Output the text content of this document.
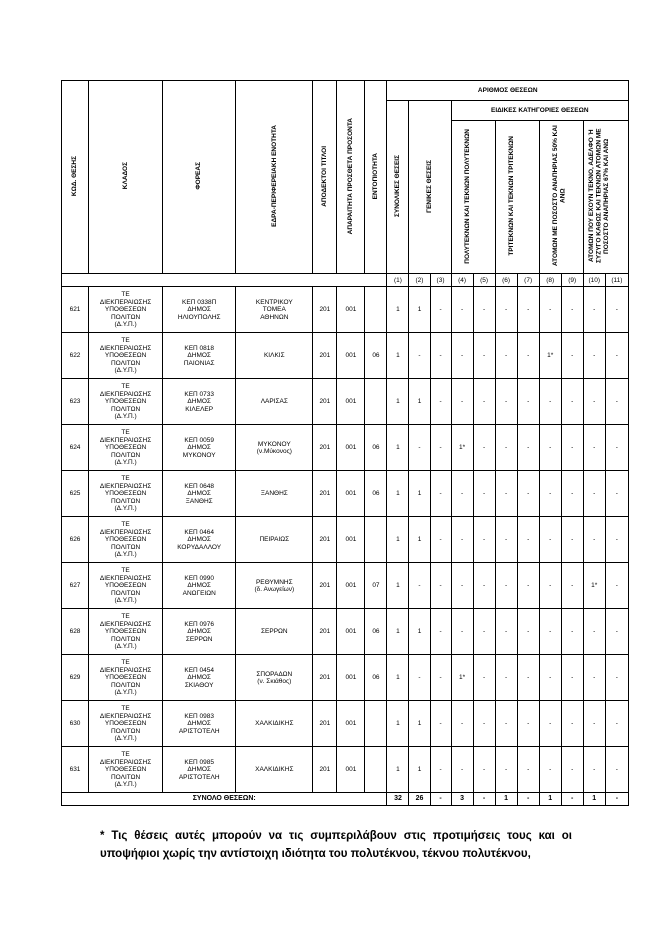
ΚΩΔ. ΘΕΣΗΣ	ΚΛΑΔΟΣ	ΦΟΡΕΑΣ	ΕΔΡΑ-ΠΕΡΙΦΕΡΕΙΑΚΗ ΕΝΟΤΗΤΑ	ΑΠΟΔΕΚΤΟΙ ΤΙΤΛΟΙ	ΑΠΑΡΑΙΤΗΤΑ ΠΡΟΣΘΕΤΑ ΠΡΟΣΟΝΤΑ	ΕΝΤΟΠΙΟΤΗΤΑ	ΑΡΙΘΜΟΣ ΘΕΣΕΩΝ										
							ΣΥΝΟΛΙΚΕΣ ΘΕΣΕΙΣ	ΓΕΝΙΚΕΣ ΘΕΣΕΙΣ		ΕΙΔΙΚΕΣ ΚΑΤΗΓΟΡΙΕΣ ΘΕΣΕΩΝ							
										ΠΟΛΥΤΕΚΝΩΝ ΚΑΙ ΤΕΚΝΩΝ ΠΟΛΥΤΕΚΝΩΝ		ΤΡΙΤΕΚΝΩΝ ΚΑΙ ΤΕΚΝΩΝ ΤΡΙΤΕΚΝΩΝ		ΑΤΟΜΩΝ ΜΕ ΠΟΣΟΣΤΟ ΑΝΑΠΗΡΙΑΣ 50% ΚΑΙ ΑΝΩ		ΑΤΟΜΩΝ ΠΟΥ ΕΧΟΥΝ ΤΕΚΝΟ, ΑΔΕΛΦΟ Ή ΣΥΖΥΓΟ ΚΑΘΩΣ ΚΑΙ ΤΕΚΝΩΝ ΑΤΟΜΩΝ ΜΕ ΠΟΣΟΣΤΟ ΑΝΑΠΗΡΙΑΣ 67% ΚΑΙ ΑΝΩ	
							(1)	(2)	(3)	(4)	(5)	(6)	(7)	(8)	(9)	(10)	(11)
621	ΤΕ
ΔΙΕΚΠΕΡΑΙΩΣΗΣ
ΥΠΟΘΕΣΕΩΝ
ΠΟΛΙΤΩΝ
(Δ.Υ.Π.)	ΚΕΠ 0338Π
ΔΗΜΟΣ
ΗΛΙΟΥΠΟΛΗΣ	ΚΕΝΤΡΙΚΟΥ
ΤΟΜΕΑ
ΑΘΗΝΩΝ	201	001		1	1	-	-	-	-	-	-	-	-	-
622	ΤΕ
ΔΙΕΚΠΕΡΑΙΩΣΗΣ
ΥΠΟΘΕΣΕΩΝ
ΠΟΛΙΤΩΝ
(Δ.Υ.Π.)	ΚΕΠ 0818
ΔΗΜΟΣ
ΠΑΙΟΝΙΑΣ	ΚΙΛΚΙΣ	201	001	06	1	-	-	-	-	-	-	1*	-	-	-
623	ΤΕ
ΔΙΕΚΠΕΡΑΙΩΣΗΣ
ΥΠΟΘΕΣΕΩΝ
ΠΟΛΙΤΩΝ
(Δ.Υ.Π.)	ΚΕΠ 0733
ΔΗΜΟΣ
ΚΙΛΕΛΕΡ	ΛΑΡΙΣΑΣ	201	001		1	1	-	-	-	-	-	-	-	-	-
624	ΤΕ
ΔΙΕΚΠΕΡΑΙΩΣΗΣ
ΥΠΟΘΕΣΕΩΝ
ΠΟΛΙΤΩΝ
(Δ.Υ.Π.)	ΚΕΠ 0059
ΔΗΜΟΣ
ΜΥΚΟΝΟΥ	ΜΥΚΟΝΟΥ
(ν.Μύκονος)	201	001	06	1	-	-	1*	-	-	-	-	-	-	-
625	ΤΕ
ΔΙΕΚΠΕΡΑΙΩΣΗΣ
ΥΠΟΘΕΣΕΩΝ
ΠΟΛΙΤΩΝ
(Δ.Υ.Π.)	ΚΕΠ 0648
ΔΗΜΟΣ
ΞΑΝΘΗΣ	ΞΑΝΘΗΣ	201	001	06	1	1	-	-	-	-	-	-	-	-	-
626	ΤΕ
ΔΙΕΚΠΕΡΑΙΩΣΗΣ
ΥΠΟΘΕΣΕΩΝ
ΠΟΛΙΤΩΝ
(Δ.Υ.Π.)	ΚΕΠ 0464
ΔΗΜΟΣ
ΚΟΡΥΔΑΛΛΟΥ	ΠΕΙΡΑΙΩΣ	201	001		1	1	-	-	-	-	-	-	-	-	-
627	ΤΕ
ΔΙΕΚΠΕΡΑΙΩΣΗΣ
ΥΠΟΘΕΣΕΩΝ
ΠΟΛΙΤΩΝ
(Δ.Υ.Π.)	ΚΕΠ 0990
ΔΗΜΟΣ
ΑΝΩΓΕΙΩΝ	ΡΕΘΥΜΝΗΣ
(δ. Ανωγείων)	201	001	07	1	-	-	-	-	-	-	-	-	1*	-
628	ΤΕ
ΔΙΕΚΠΕΡΑΙΩΣΗΣ
ΥΠΟΘΕΣΕΩΝ
ΠΟΛΙΤΩΝ
(Δ.Υ.Π.)	ΚΕΠ 0976
ΔΗΜΟΣ
ΣΕΡΡΩΝ	ΣΕΡΡΩΝ	201	001	06	1	1	-	-	-	-	-	-	-	-	-
629	ΤΕ
ΔΙΕΚΠΕΡΑΙΩΣΗΣ
ΥΠΟΘΕΣΕΩΝ
ΠΟΛΙΤΩΝ
(Δ.Υ.Π.)	ΚΕΠ 0454
ΔΗΜΟΣ
ΣΚΙΑΘΟΥ	ΣΠΟΡΑΔΩΝ
(ν. Σκιάθος)	201	001	06	1	-	-	1*	-	-	-	-	-	-	-
630	ΤΕ
ΔΙΕΚΠΕΡΑΙΩΣΗΣ
ΥΠΟΘΕΣΕΩΝ
ΠΟΛΙΤΩΝ
(Δ.Υ.Π.)	ΚΕΠ 0983
ΔΗΜΟΣ
ΑΡΙΣΤΟΤΕΛΗ	ΧΑΛΚΙΔΙΚΗΣ	201	001		1	1	-	-	-	-	-	-	-	-	-
631	ΤΕ
ΔΙΕΚΠΕΡΑΙΩΣΗΣ
ΥΠΟΘΕΣΕΩΝ
ΠΟΛΙΤΩΝ
(Δ.Υ.Π.)	ΚΕΠ 0985
ΔΗΜΟΣ
ΑΡΙΣΤΟΤΕΛΗ	ΧΑΛΚΙΔΙΚΗΣ	201	001		1	1	-	-	-	-	-	-	-	-	-
ΣΥΝΟΛΟ ΘΕΣΕΩΝ:							32	26	-	3	-	1	-	1	-	1	-
* Τις θέσεις αυτές μπορούν να τις συμπεριλάβουν στις προτιμήσεις τους και οι υποψήφιοι χωρίς την αντίστοιχη ιδιότητα του πολυτέκνου, τέκνου πολυτέκνου,
